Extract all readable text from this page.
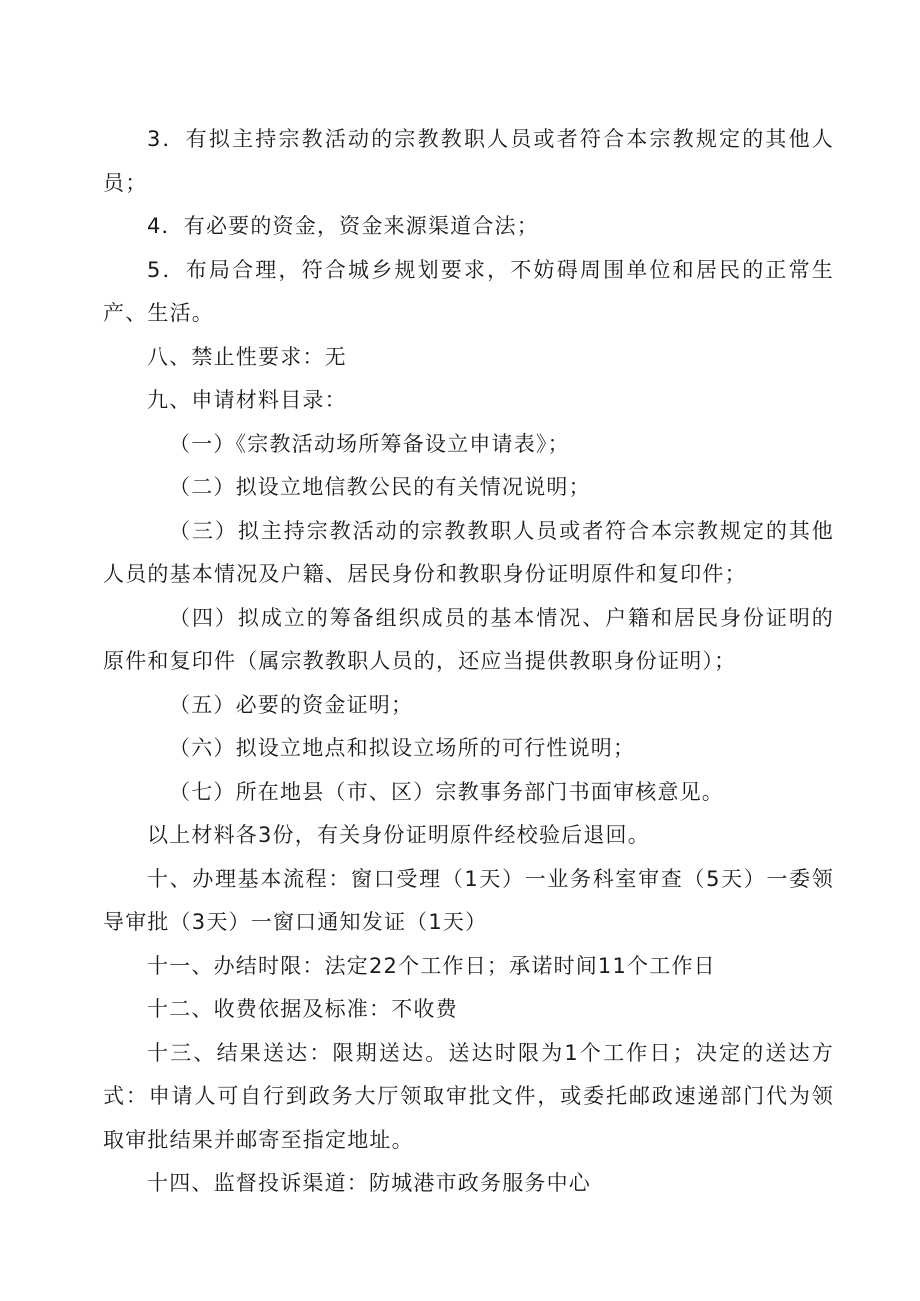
3．有拟主持宗教活动的宗教教职人员或者符合本宗教规定的其他人员；

4．有必要的资金，资金来源渠道合法；

5．布局合理，符合城乡规划要求，不妨碍周围单位和居民的正常生产、生活。

八、禁止性要求：无

九、申请材料目录：

（一）《宗教活动场所筹备设立申请表》；

（二）拟设立地信教公民的有关情况说明；

（三）拟主持宗教活动的宗教教职人员或者符合本宗教规定的其他人员的基本情况及户籍、居民身份和教职身份证明原件和复印件；

（四）拟成立的筹备组织成员的基本情况、户籍和居民身份证明的原件和复印件（属宗教教职人员的，还应当提供教职身份证明）；

（五）必要的资金证明；

（六）拟设立地点和拟设立场所的可行性说明；

（七）所在地县（市、区）宗教事务部门书面审核意见。

以上材料各3份，有关身份证明原件经校验后退回。

十、办理基本流程：窗口受理（1天）一业务科室审查（5天）一委领导审批（3天）一窗口通知发证（1天）

十一、办结时限：法定22个工作日；承诺时间11个工作日

十二、收费依据及标准：不收费

十三、结果送达：限期送达。送达时限为1个工作日；决定的送达方式：申请人可自行到政务大厅领取审批文件，或委托邮政速递部门代为领取审批结果并邮寄至指定地址。

十四、监督投诉渠道：防城港市政务服务中心
